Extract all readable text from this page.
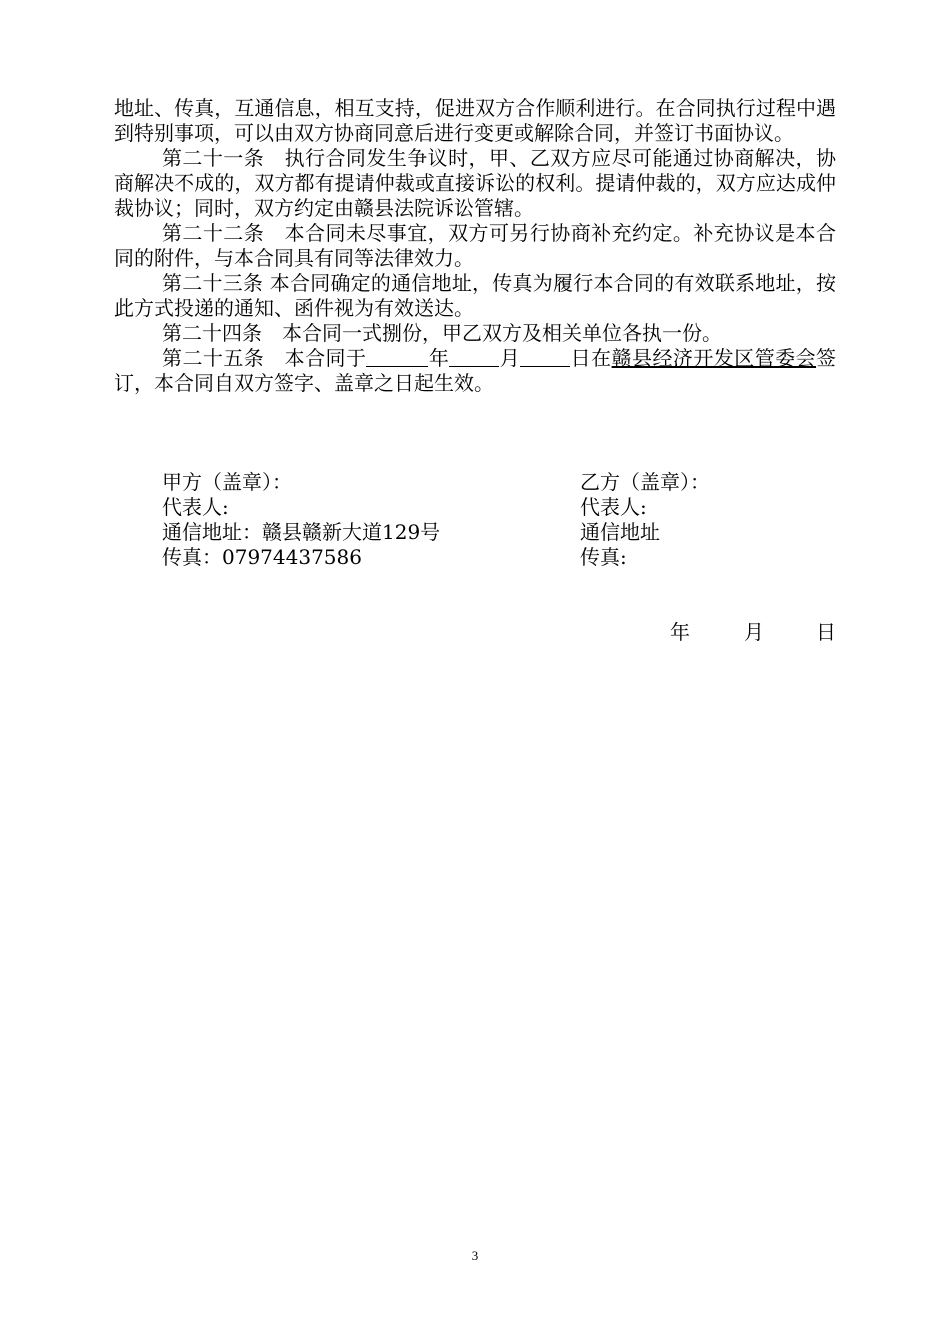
地址、传真，互通信息，相互支持，促进双方合作顺利进行。在合同执行过程中遇到特别事项，可以由双方协商同意后进行变更或解除合同，并签订书面协议。

第二十一条　执行合同发生争议时，甲、乙双方应尽可能通过协商解决，协商解决不成的，双方都有提请仲裁或直接诉讼的权利。提请仲裁的，双方应达成仲裁协议；同时，双方约定由赣县法院诉讼管辖。

第二十二条　本合同未尽事宜，双方可另行协商补充约定。补充协议是本合同的附件，与本合同具有同等法律效力。

第二十三条 本合同确定的通信地址，传真为履行本合同的有效联系地址，按此方式投递的通知、函件视为有效送达。

第二十四条　本合同一式捌份，甲乙双方及相关单位各执一份。

第二十五条　本合同于	年	月	日在赣县经济开发区管委会签订，本合同自双方签字、盖章之日起生效。

甲方（盖章）：
代表人:
通信地址：赣县赣新大道129号
传真：07974437586
乙方（盖章）：
代表人:
通信地址
传真:
年	月	日
3
